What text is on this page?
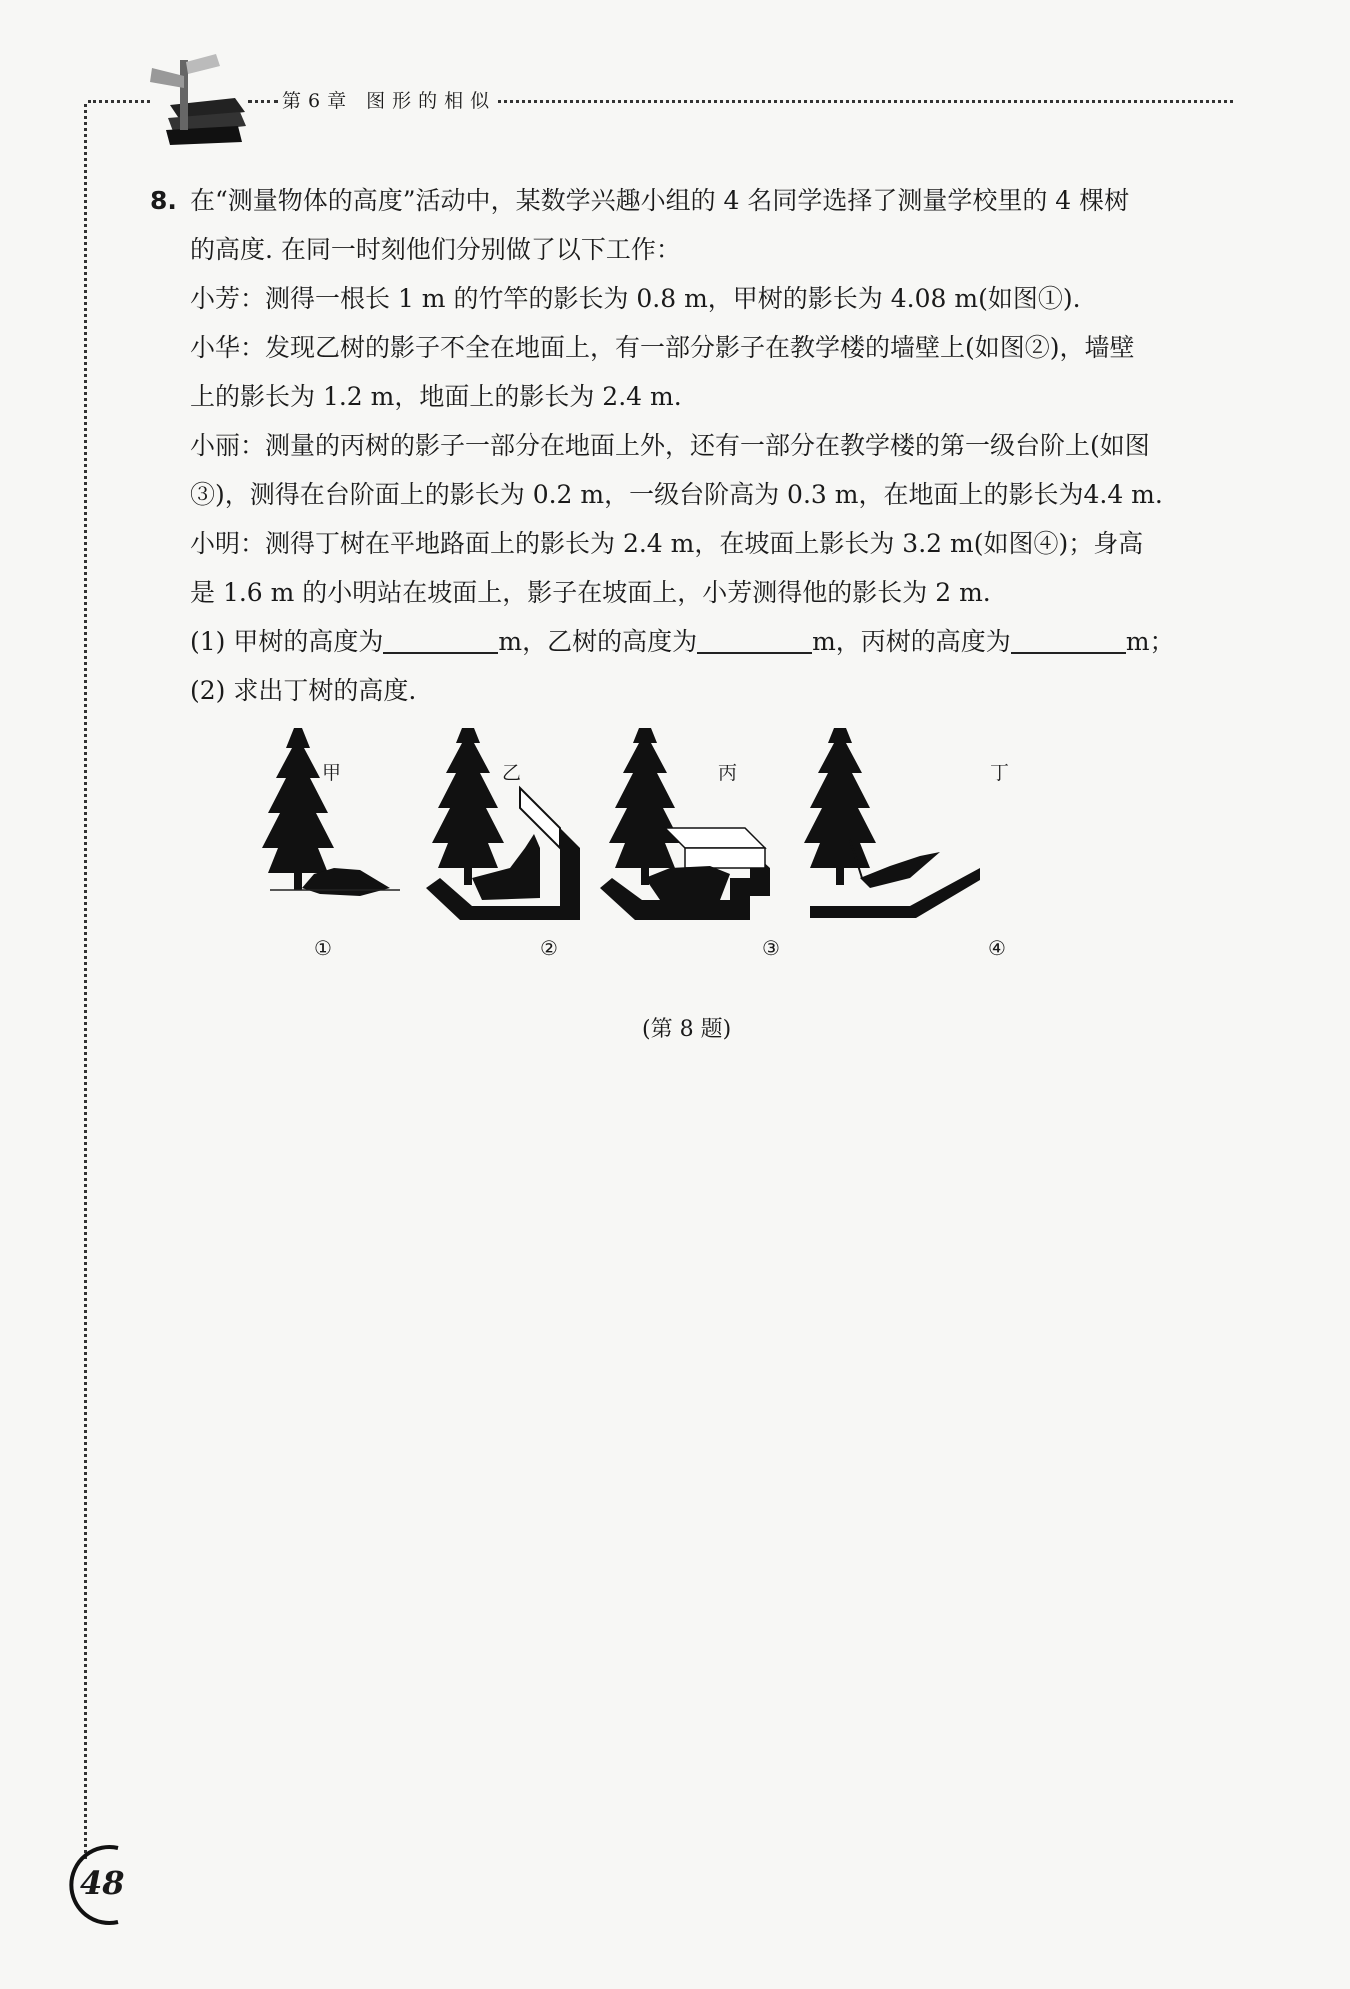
第6章 图形的相似
8. 在“测量物体的高度”活动中，某数学兴趣小组的 4 名同学选择了测量学校里的 4 棵树
的高度. 在同一时刻他们分别做了以下工作：
小芳：测得一根长 1 m 的竹竿的影长为 0.8 m，甲树的影长为 4.08 m(如图①).
小华：发现乙树的影子不全在地面上，有一部分影子在教学楼的墙壁上(如图②)，墙壁
上的影长为 1.2 m，地面上的影长为 2.4 m.
小丽：测量的丙树的影子一部分在地面上外，还有一部分在教学楼的第一级台阶上(如图
③)，测得在台阶面上的影长为 0.2 m，一级台阶高为 0.3 m，在地面上的影长为4.4 m.
小明：测得丁树在平地路面上的影长为 2.4 m，在坡面上影长为 3.2 m(如图④)；身高
是 1.6 m 的小明站在坡面上，影子在坡面上，小芳测得他的影长为 2 m.
(1) 甲树的高度为	m，乙树的高度为	m，丙树的高度为	m；
(2) 求出丁树的高度.
甲	乙	丙	丁
①	②	③	④
(第 8 题)
48
